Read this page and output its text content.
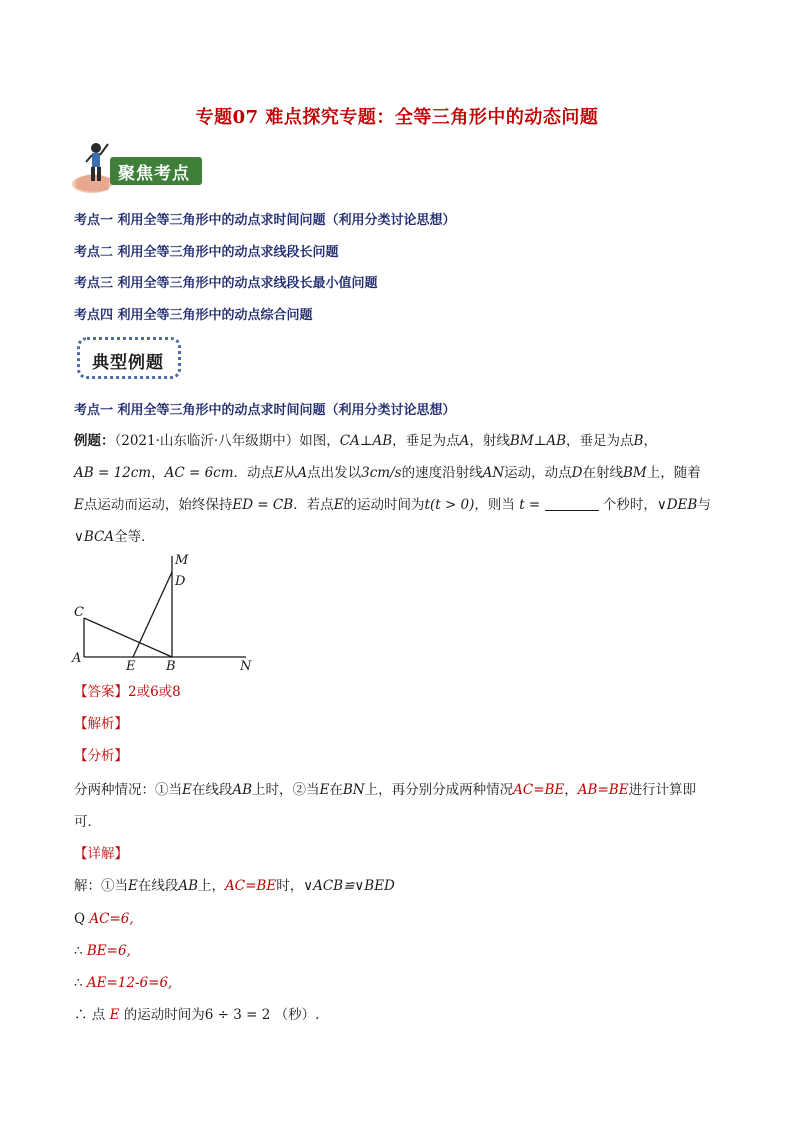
专题07 难点探究专题：全等三角形中的动态问题
聚焦考点
考点一 利用全等三角形中的动点求时间问题（利用分类讨论思想）
考点二 利用全等三角形中的动点求线段长问题
考点三 利用全等三角形中的动点求线段长最小值问题
考点四 利用全等三角形中的动点综合问题
典型例题
考点一 利用全等三角形中的动点求时间问题（利用分类讨论思想）
例题：（2021·山东临沂·八年级期中）如图，CA⊥AB，垂足为点A，射线BM⊥AB，垂足为点B，
AB = 12cm，AC = 6cm．动点E从A点出发以3cm/s的速度沿射线AN运动，动点D在射线BM上，随着
E点运动而运动，始终保持ED = CB．若点E的运动时间为t(t > 0)，则当 t =	个秒时，∨DEB与
∨BCA全等．
M
D
C
A
E B	N
【答案】2或6或8
【解析】
【分析】
分两种情况：①当E在线段AB上时，②当E在BN上，再分别分成两种情况AC=BE，AB=BE进行计算即
可．
【详解】
解：①当E在线段AB上，AC=BE时，∨ACB≌∨BED
Q AC=6,
∴ BE=6,
∴ AE=12-6=6,
∴ 点 E 的运动时间为6 ÷ 3 = 2 （秒）.
